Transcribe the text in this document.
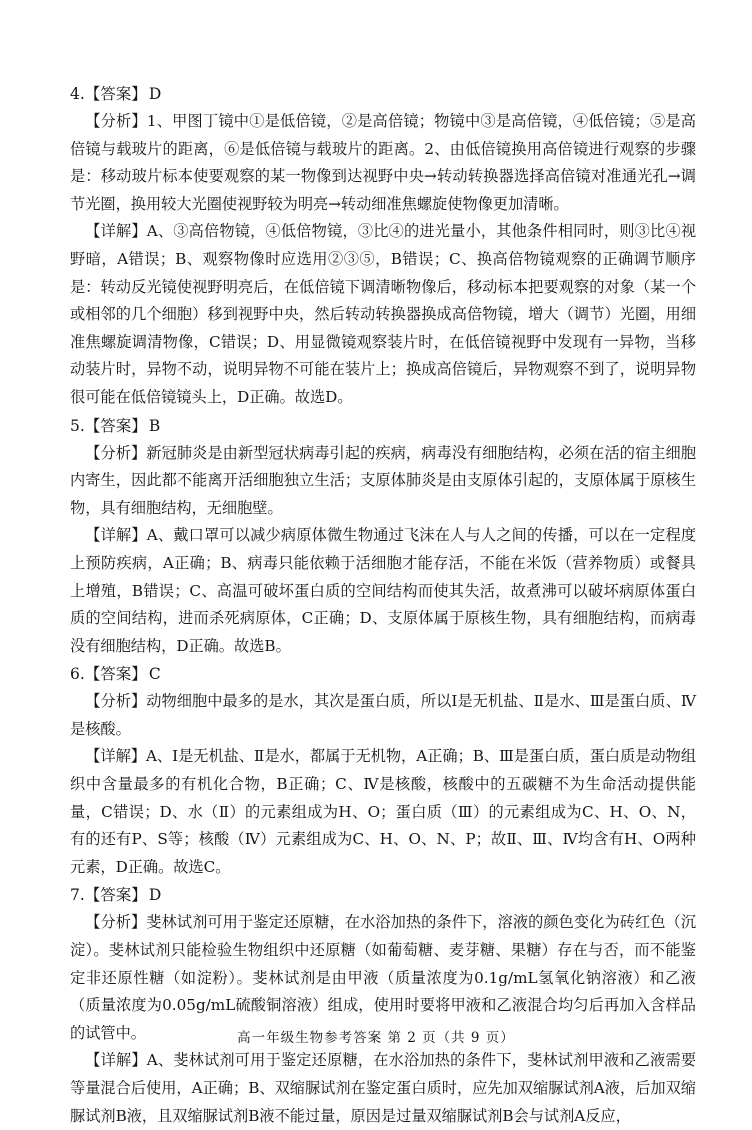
4.【答案】 D

【分析】1、甲图丁镜中①是低倍镜，②是高倍镜；物镜中③是高倍镜，④低倍镜；⑤是高倍镜与载玻片的距离，⑥是低倍镜与载玻片的距离。2、由低倍镜换用高倍镜进行观察的步骤是：移动玻片标本使要观察的某一物像到达视野中央→转动转换器选择高倍镜对准通光孔→调节光圈，换用较大光圈使视野较为明亮→转动细准焦螺旋使物像更加清晰。

【详解】A、③高倍物镜，④低倍物镜，③比④的进光量小，其他条件相同时，则③比④视野暗，A错误；B、观察物像时应选用②③⑤，B错误；C、换高倍物镜观察的正确调节顺序是：转动反光镜使视野明亮后，在低倍镜下调清晰物像后，移动标本把要观察的对象（某一个或相邻的几个细胞）移到视野中央，然后转动转换器换成高倍物镜，增大（调节）光圈，用细准焦螺旋调清物像，C错误；D、用显微镜观察装片时，在低倍镜视野中发现有一异物，当移动装片时，异物不动，说明异物不可能在装片上；换成高倍镜后，异物观察不到了，说明异物很可能在低倍镜镜头上，D正确。故选D。

5.【答案】 B

【分析】新冠肺炎是由新型冠状病毒引起的疾病，病毒没有细胞结构，必须在活的宿主细胞内寄生，因此都不能离开活细胞独立生活；支原体肺炎是由支原体引起的，支原体属于原核生物，具有细胞结构，无细胞壁。

【详解】A、戴口罩可以减少病原体微生物通过飞沫在人与人之间的传播，可以在一定程度上预防疾病，A正确；B、病毒只能依赖于活细胞才能存活，不能在米饭（营养物质）或餐具上增殖，B错误；C、高温可破坏蛋白质的空间结构而使其失活，故煮沸可以破坏病原体蛋白质的空间结构，进而杀死病原体，C正确；D、支原体属于原核生物，具有细胞结构，而病毒没有细胞结构，D正确。故选B。

6.【答案】 C

【分析】动物细胞中最多的是水，其次是蛋白质，所以Ⅰ是无机盐、Ⅱ是水、Ⅲ是蛋白质、Ⅳ是核酸。

【详解】A、Ⅰ是无机盐、Ⅱ是水，都属于无机物，A正确；B、Ⅲ是蛋白质，蛋白质是动物组织中含量最多的有机化合物，B正确；C、Ⅳ是核酸，核酸中的五碳糖不为生命活动提供能量，C错误；D、水（Ⅱ）的元素组成为H、O；蛋白质（Ⅲ）的元素组成为C、H、O、N，有的还有P、S等；核酸（Ⅳ）元素组成为C、H、O、N、P；故Ⅱ、Ⅲ、Ⅳ均含有H、O两种元素，D正确。故选C。

7.【答案】 D

【分析】斐林试剂可用于鉴定还原糖，在水浴加热的条件下，溶液的颜色变化为砖红色（沉淀）。斐林试剂只能检验生物组织中还原糖（如葡萄糖、麦芽糖、果糖）存在与否，而不能鉴定非还原性糖（如淀粉）。斐林试剂是由甲液（质量浓度为0.1g/mL氢氧化钠溶液）和乙液（质量浓度为0.05g/mL硫酸铜溶液）组成，使用时要将甲液和乙液混合均匀后再加入含样品的试管中。

【详解】A、斐林试剂可用于鉴定还原糖，在水浴加热的条件下，斐林试剂甲液和乙液需要等量混合后使用，A正确；B、双缩脲试剂在鉴定蛋白质时，应先加双缩脲试剂A液，后加双缩脲试剂B液，且双缩脲试剂B液不能过量，原因是过量双缩脲试剂B会与试剂A反应，

高一年级生物参考答案 第 2 页（共 9 页）
